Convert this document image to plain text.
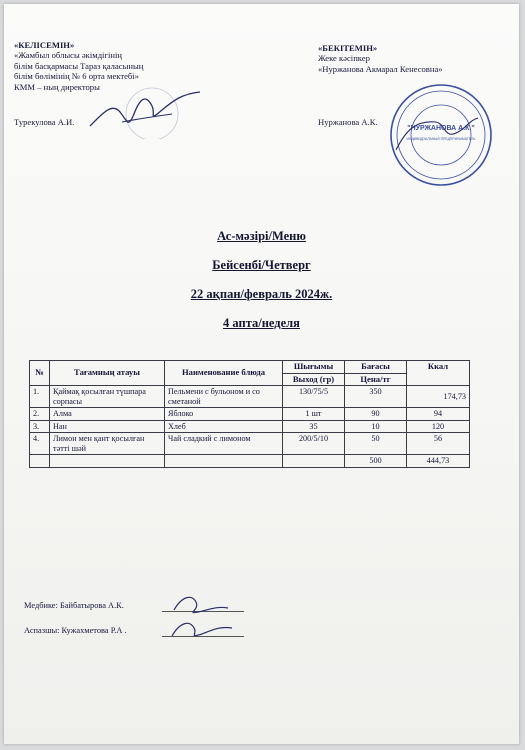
«КЕЛІСЕМІН»
«Жамбыл облысы әкімдігінің
білім басқармасы Тараз қаласының
білім бөлімінің № 6 орта мектебі»
КММ – ның директоры
Турекулова А.И.
«БЕКІТЕМІН»
Жеке кәсіпкер
«Нуржанова Акмарал Кенесовна»
Нуржанова А.К.
"НУРЖАНОВА А.К."
ИНДИВИДУАЛЬНЫЙ ПРЕДПРИНИМАТЕЛЬ
Ас-мәзірі/Меню
Бейсенбі/Четверг
22 ақпан/февраль 2024ж.
4 апта/неделя
№	Тағамның атауы	Наименование блюда	Шығымы	Бағасы	Ккал
			Выход (гр)	Цена/тг	
1.	Қаймақ қосылған түшпара сорпасы	Пельмени с бульоном и со сметаной	130/75/5	350	174,73
2.	Алма	Яблоко	1 шт	90	94
3.	Нан	Хлеб	35	10	120
4.	Лимон мен қант қосылған тәтті шәй	Чай сладкий с лимоном	200/5/10	50	56
				500	444,73
Медбике: Байбатырова А.К.
Аспазшы: Кужахметова Р.А .
